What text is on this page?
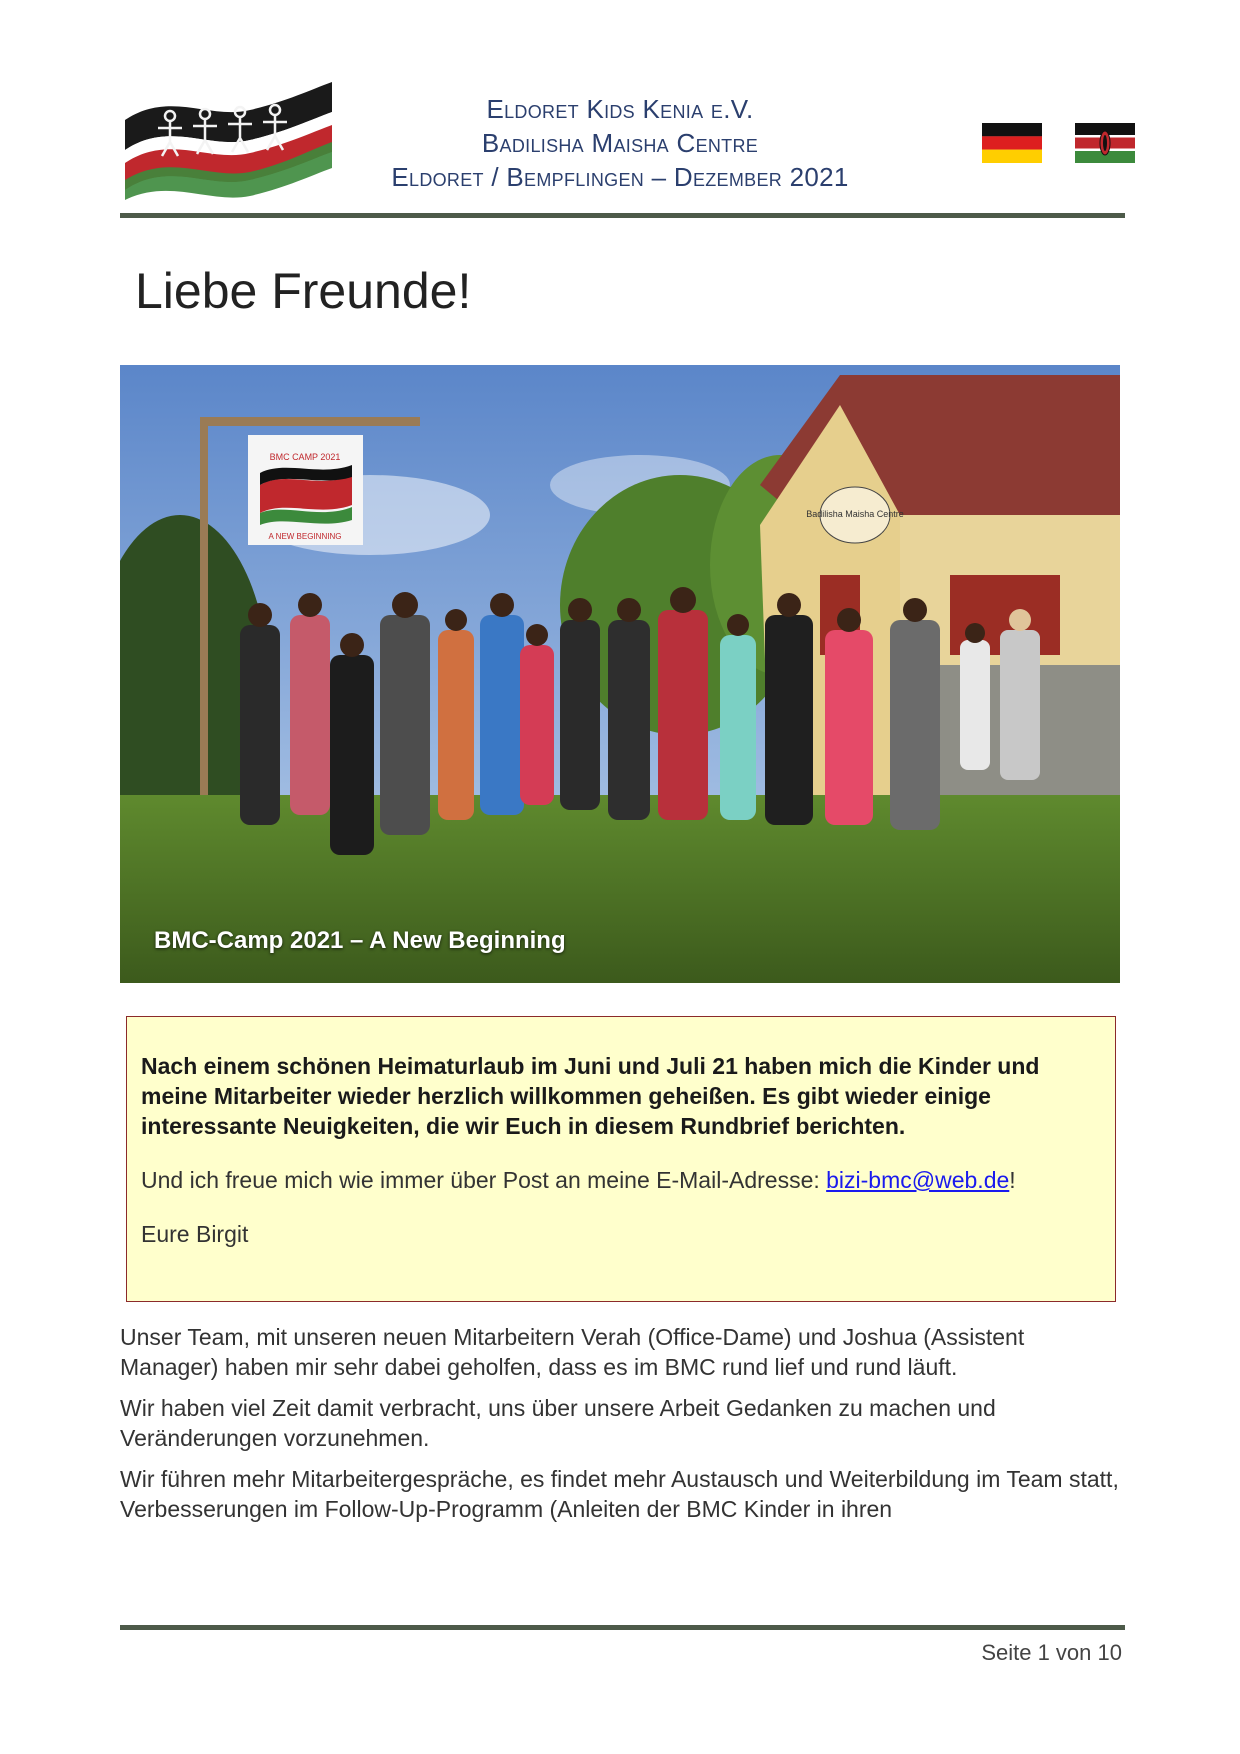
Eldoret Kids Kenia e.V.
Badilisha Maisha Centre
Eldoret / Bempflingen – Dezember 2021
Liebe Freunde!
Badilisha Maisha Centre
BMC CAMP 2021
A NEW BEGINNING
BMC-Camp 2021 – A New Beginning

Nach einem schönen Heimaturlaub im Juni und Juli 21 haben mich die Kinder und meine Mitarbeiter wieder herzlich willkommen geheißen. Es gibt wieder einige interessante Neuigkeiten, die wir Euch in diesem Rundbrief berichten.

Und ich freue mich wie immer über Post an meine E-Mail-Adresse: bizi-bmc@web.de!

Eure Birgit

Unser Team, mit unseren neuen Mitarbeitern Verah (Office-Dame) und Joshua (Assistent Manager) haben mir sehr dabei geholfen, dass es im BMC rund lief und rund läuft.

Wir haben viel Zeit damit verbracht, uns über unsere Arbeit Gedanken zu machen und Veränderungen vorzunehmen.

Wir führen mehr Mitarbeitergespräche, es findet mehr Austausch und Weiterbildung im Team statt, Verbesserungen im Follow-Up-Programm (Anleiten der BMC Kinder in ihren

Seite 1 von 10
